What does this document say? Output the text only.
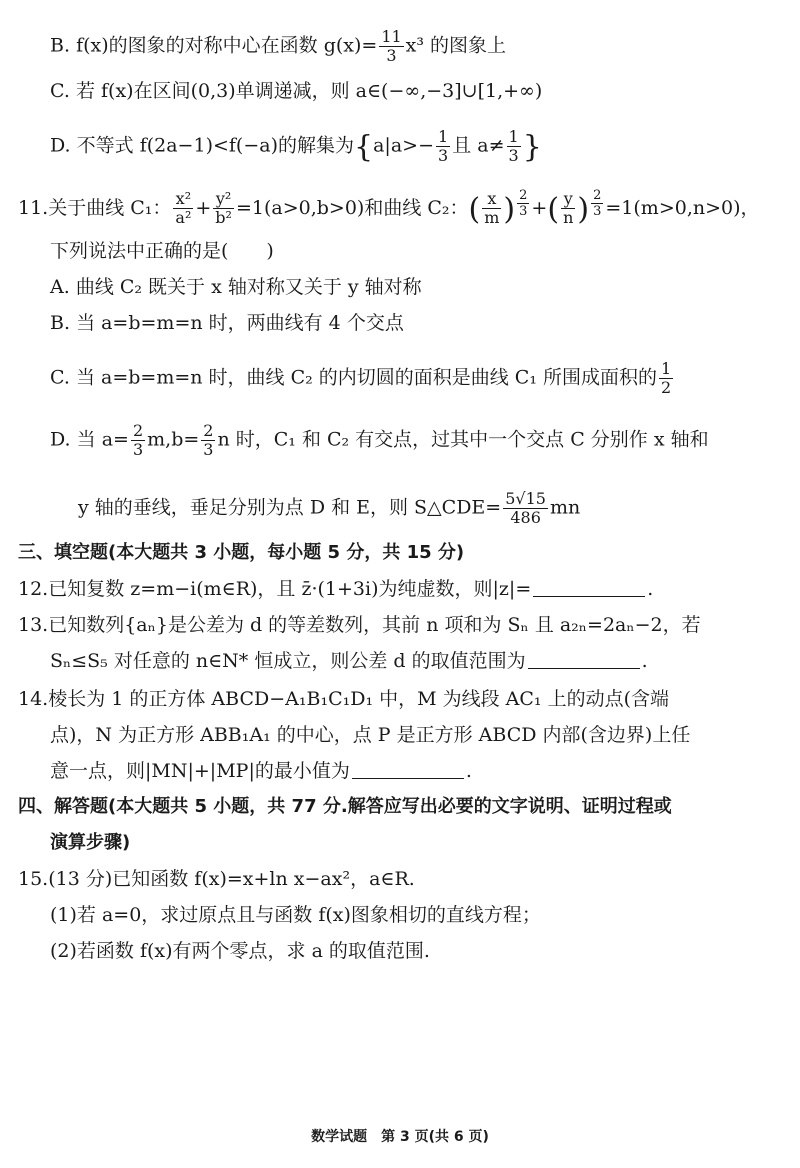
B. f(x)的图象的对称中心在函数 $g(x)= \frac{11}{3} x^3$ 的图象上
C. 若 f(x)在区间(0,3)单调递减，则 a∈(−∞,−3]∪[1,+∞)
D. 不等式 f(2a−1)<f(−a)的解集为{$a|a>- \frac{1}{3}$ 且 $a\ne \frac{1}{3}$ }
11.关于曲线 C₁： $\frac{\text{x²}}{\text{a²}} + \frac{\text{y²}}{\text{b²}} =1(a>0,b>0)$和曲线 C₂：( $\frac{x}{m}$ ) $^{\frac{2}{3}}$ +( $\frac{y}{n}$ ) $^{\frac{2}{3}}$ =1(m>0,n>0)，
下列说法中正确的是(　　)
A. 曲线 C₂ 既关于 x 轴对称又关于 y 轴对称
B. 当 a=b=m=n 时，两曲线有 4 个交点
C. 当 a=b=m=n 时，曲线 C₂ 的内切圆的面积是曲线 C₁ 所围成面积的 $\frac{1}{2}$
D. 当 $a= \frac{2}{3} m,b= \frac{2}{3}$ n 时，C₁ 和 C₂ 有交点，过其中一个交点 C 分别作 x 轴和
y 轴的垂线，垂足分别为点 D 和 E，则 S△CDE= $\frac{5√15}{486}$ mn
三、填空题(本大题共 3 小题，每小题 5 分，共 15 分)
12.已知复数 z=m−i(m∈R)，且 z̄·(1+3i)为纯虚数，则|z|=	.
13.已知数列{aₙ}是公差为 d 的等差数列，其前 n 项和为 Sₙ 且 a₂ₙ=2aₙ−2，若
Sₙ≤S₅ 对任意的 n∈N* 恒成立，则公差 d 的取值范围为	.
14.棱长为 1 的正方体 ABCD−A₁B₁C₁D₁ 中，M 为线段 AC₁ 上的动点(含端
点)，N 为正方形 ABB₁A₁ 的中心，点 P 是正方形 ABCD 内部(含边界)上任
意一点，则|MN|+|MP|的最小值为	.
四、解答题(本大题共 5 小题，共 77 分.解答应写出必要的文字说明、证明过程或
演算步骤)
15.(13 分)已知函数 f(x)=x+ln x−ax²，a∈R.
(1)若 a=0，求过原点且与函数 f(x)图象相切的直线方程；
(2)若函数 f(x)有两个零点，求 a 的取值范围.
数学试题　第 3 页(共 6 页)
